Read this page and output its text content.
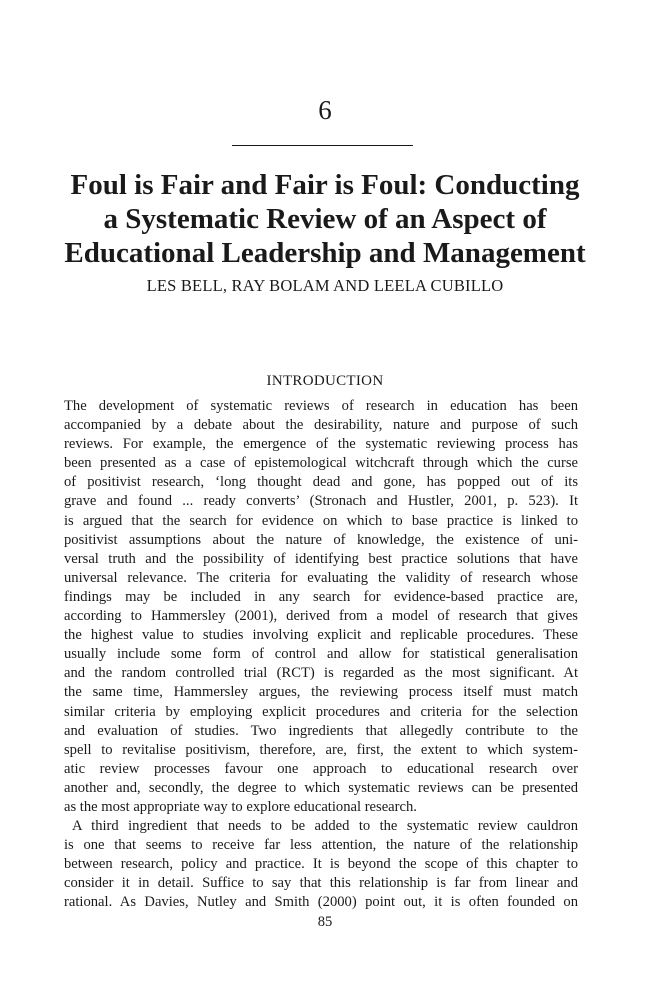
6
Foul is Fair and Fair is Foul: Conducting
a Systematic Review of an Aspect of
Educational Leadership and Management
LES BELL, RAY BOLAM AND LEELA CUBILLO
INTRODUCTION
The development of systematic reviews of research in education has been
accompanied by a debate about the desirability, nature and purpose of such
reviews. For example, the emergence of the systematic reviewing process has
been presented as a case of epistemological witchcraft through which the curse
of positivist research, ‘long thought dead and gone, has popped out of its
grave and found ... ready converts’ (Stronach and Hustler, 2001, p. 523). It
is argued that the search for evidence on which to base practice is linked to
positivist assumptions about the nature of knowledge, the existence of uni-
versal truth and the possibility of identifying best practice solutions that have
universal relevance. The criteria for evaluating the validity of research whose
findings may be included in any search for evidence-based practice are,
according to Hammersley (2001), derived from a model of research that gives
the highest value to studies involving explicit and replicable procedures. These
usually include some form of control and allow for statistical generalisation
and the random controlled trial (RCT) is regarded as the most significant. At
the same time, Hammersley argues, the reviewing process itself must match
similar criteria by employing explicit procedures and criteria for the selection
and evaluation of studies. Two ingredients that allegedly contribute to the
spell to revitalise positivism, therefore, are, first, the extent to which system-
atic review processes favour one approach to educational research over
another and, secondly, the degree to which systematic reviews can be presented
as the most appropriate way to explore educational research.
A third ingredient that needs to be added to the systematic review cauldron
is one that seems to receive far less attention, the nature of the relationship
between research, policy and practice. It is beyond the scope of this chapter to
consider it in detail. Suffice to say that this relationship is far from linear and
rational. As Davies, Nutley and Smith (2000) point out, it is often founded on
85
